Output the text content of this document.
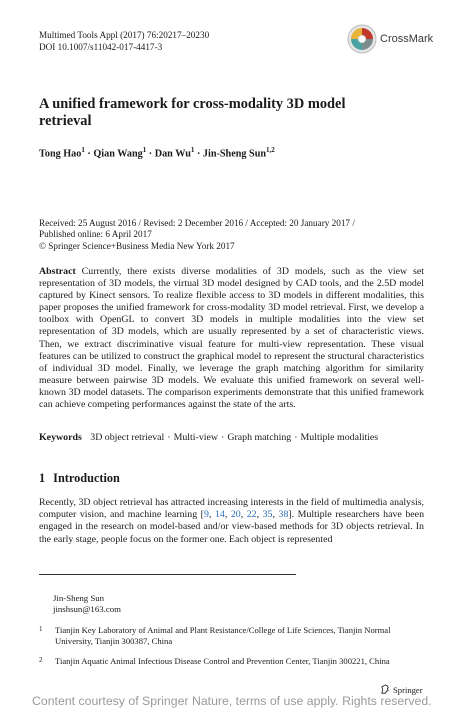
Multimed Tools Appl (2017) 76:20217–20230
DOI 10.1007/s11042-017-4417-3
CrossMark
A unified framework for cross-modality 3D model
retrieval
Tong Hao$^1$ · Qian Wang$^1$ · Dan $Wu^1$ · Jin-Sheng Sun$^{1,2}$
Received: 25 August 2016 / Revised: 2 December 2016 / Accepted: 20 January 2017 /
Published online: 6 April 2017
© Springer Science+Business Media New York 2017
Abstract Currently, there exists diverse modalities of 3D models, such as the view set representation of 3D models, the virtual 3D model designed by CAD tools, and the 2.5D model captured by Kinect sensors. To realize flexible access to 3D models in different modalities, this paper proposes the unified framework for cross-modality 3D model retrieval. First, we develop a toolbox with OpenGL to convert 3D models in multiple modalities into the view set representation of 3D models, which are usually represented by a set of characteristic views. Then, we extract discriminative visual feature for multi-view representation. These visual features can be utilized to construct the graphical model to represent the structural characteristics of individual 3D model. Finally, we leverage the graph matching algorithm for similarity measure between pairwise 3D models. We evaluate this unified framework on several well-known 3D model datasets. The comparison experiments demonstrate that this unified framework can achieve competing performances against the state of the arts.
Keywords 3D object retrieval · Multi-view · Graph matching · Multiple modalities
1 Introduction
Recently, 3D object retrieval has attracted increasing interests in the field of multimedia analysis, computer vision, and machine learning [9, 14, 20, 22, 35, 38]. Multiple researchers have been engaged in the research on model-based and/or view-based methods for 3D objects retrieval. In the early stage, people focus on the former one. Each object is represented
Jin-Sheng Sun
jinshsun@163.com
1	Tianjin Key Laboratory of Animal and Plant Resistance/College of Life Sciences, Tianjin Normal University, Tianjin 300387, China
2	Tianjin Aquatic Animal Infectious Disease Control and Prevention Center, Tianjin 300221, China
Springer
Content courtesy of Springer Nature, terms of use apply. Rights reserved.
